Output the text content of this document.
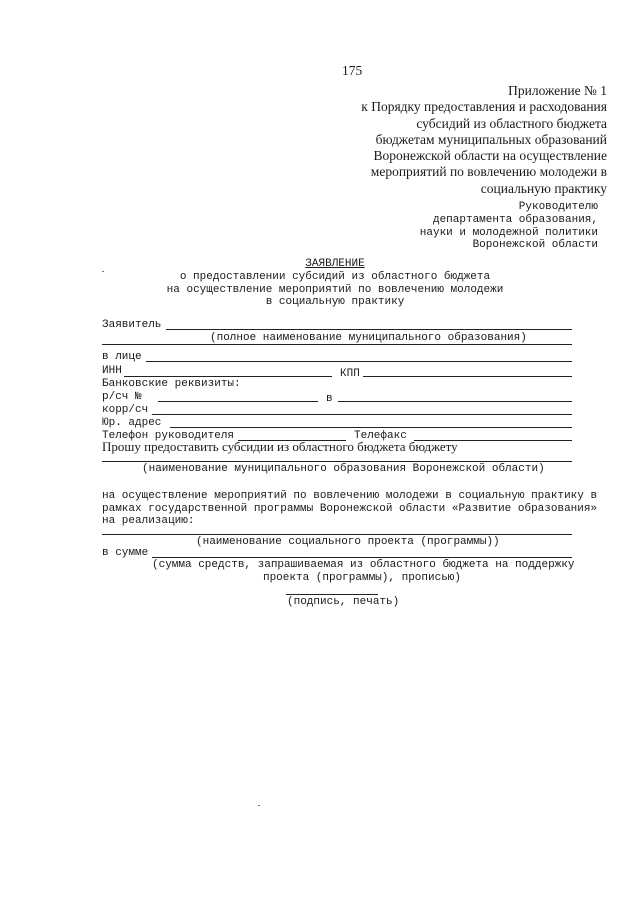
175
Приложение № 1
к Порядку предоставления и расходования
субсидий из областного бюджета
бюджетам муниципальных образований
Воронежской области на осуществление
мероприятий по вовлечению молодежи в
социальную практику
Руководителю
департамента образования,
науки и молодежной политики
Воронежской области
ЗАЯВЛЕНИЕ
о предоставлении субсидий из областного бюджета
на осуществление мероприятий по вовлечению молодежи
в социальную практику
Заявитель
(полное наименование муниципального образования)
в лице
ИНН	КПП
Банковские реквизиты:
р/сч №	в
корр/сч
Юр. адрес
Телефон руководителя	Телефакс
Прошу предоставить субсидии из областного бюджета бюджету
(наименование муниципального образования Воронежской области)
на осуществление мероприятий по вовлечению молодежи в социальную практику в
рамках государственной программы Воронежской области «Развитие образования»
на реализацию:
(наименование социального проекта (программы))
в сумме
(сумма средств, запрашиваемая из областного бюджета на поддержку
проекта (программы), прописью)
(подпись, печать)
